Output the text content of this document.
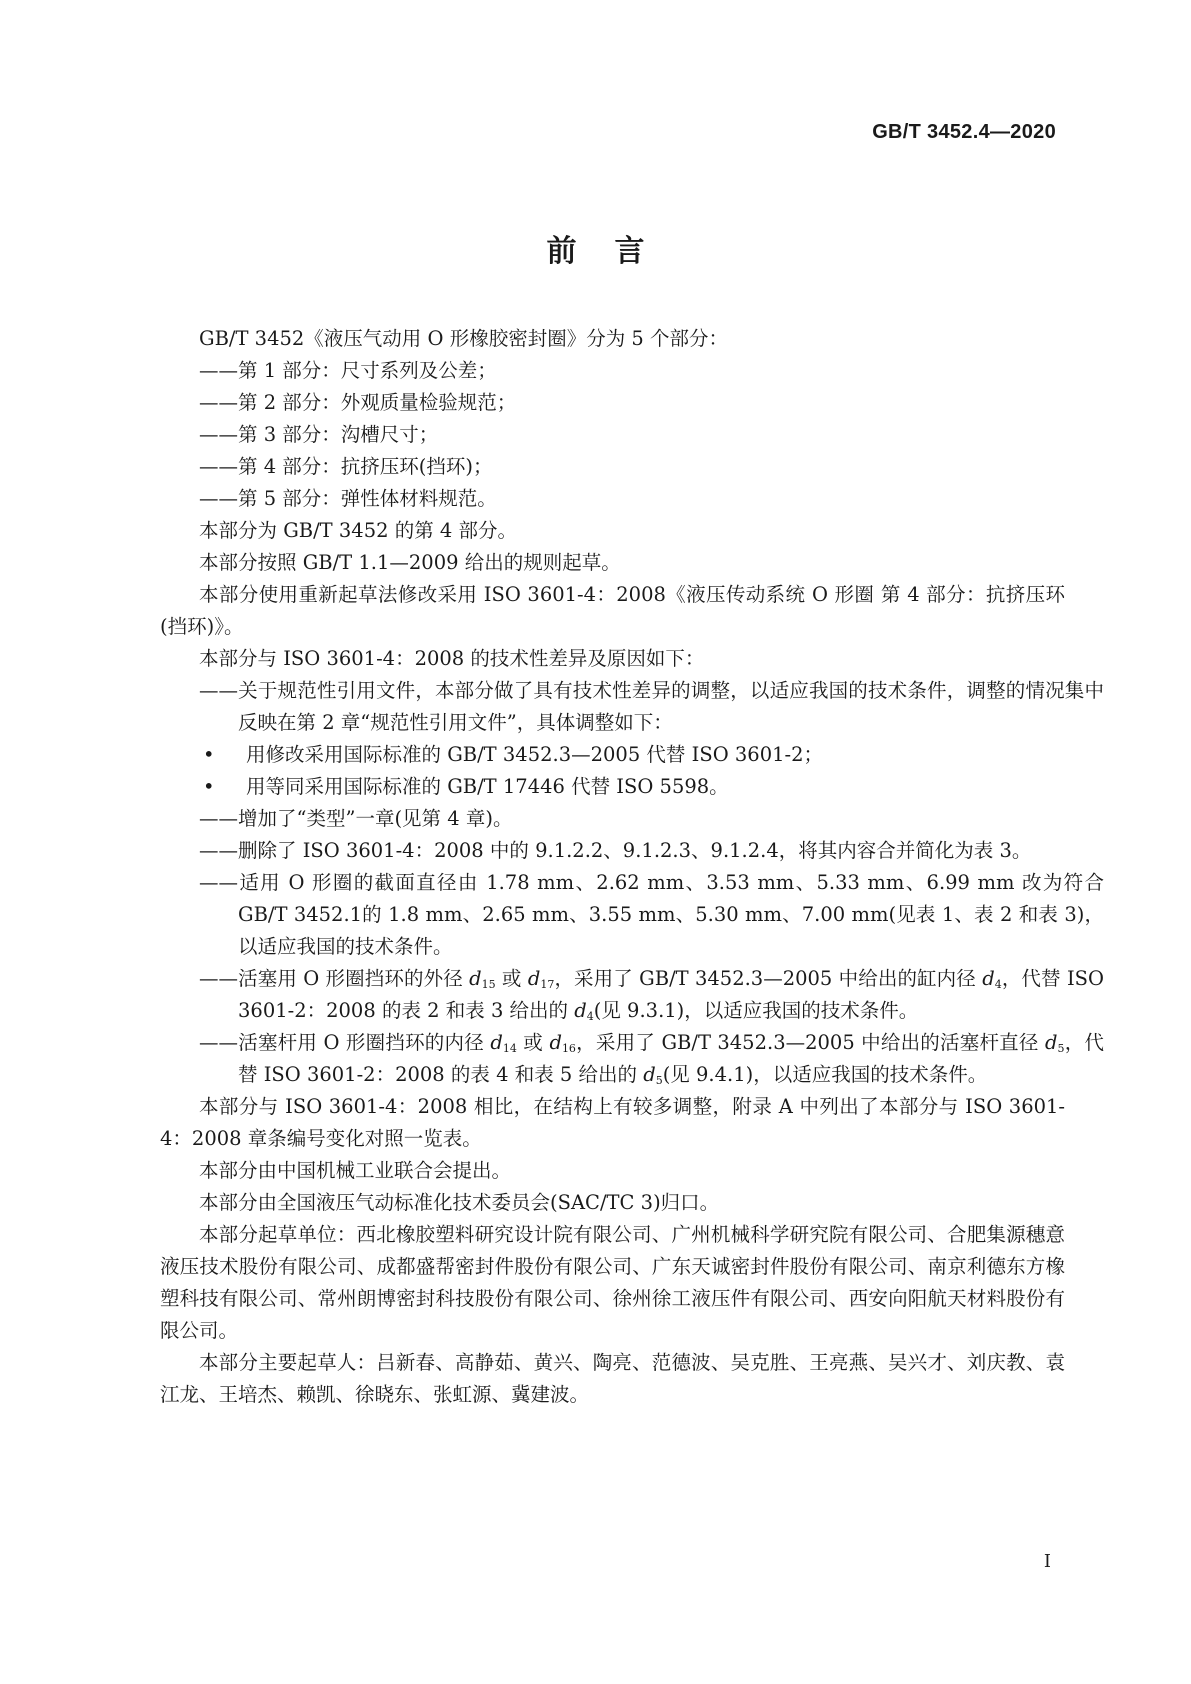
GB/T 3452.4—2020
前言

GB/T 3452《液压气动用 O 形橡胶密封圈》分为 5 个部分：

——第 1 部分：尺寸系列及公差；

——第 2 部分：外观质量检验规范；

——第 3 部分：沟槽尺寸；

——第 4 部分：抗挤压环(挡环)；

——第 5 部分：弹性体材料规范。

本部分为 GB/T 3452 的第 4 部分。

本部分按照 GB/T 1.1—2009 给出的规则起草。

本部分使用重新起草法修改采用 ISO 3601-4：2008《液压传动系统 O 形圈 第 4 部分：抗挤压环(挡环)》。

本部分与 ISO 3601-4：2008 的技术性差异及原因如下：

——关于规范性引用文件，本部分做了具有技术性差异的调整，以适应我国的技术条件，调整的情况集中反映在第 2 章“规范性引用文件”，具体调整如下：

• 用修改采用国际标准的 GB/T 3452.3—2005 代替 ISO 3601-2；

• 用等同采用国际标准的 GB/T 17446 代替 ISO 5598。

——增加了“类型”一章(见第 4 章)。

——删除了 ISO 3601-4：2008 中的 9.1.2.2、9.1.2.3、9.1.2.4，将其内容合并简化为表 3。

——适用 O 形圈的截面直径由 1.78 mm、2.62 mm、3.53 mm、5.33 mm、6.99 mm 改为符合 GB/T 3452.1的 1.8 mm、2.65 mm、3.55 mm、5.30 mm、7.00 mm(见表 1、表 2 和表 3)，以适应我国的技术条件。

——活塞用 O 形圈挡环的外径 $d_{15}$ 或 $d_{17}$，采用了 GB/T 3452.3—2005 中给出的缸内径 $d_4$，代替 ISO 3601-2：2008 的表 2 和表 3 给出的 $d_4$(见 9.3.1)，以适应我国的技术条件。

——活塞杆用 O 形圈挡环的内径 $d_{14}$ 或 $d_{16}$，采用了 GB/T 3452.3—2005 中给出的活塞杆直径 $d_5$，代替 ISO 3601-2：2008 的表 4 和表 5 给出的 $d_5$(见 9.4.1)，以适应我国的技术条件。

本部分与 ISO 3601-4：2008 相比，在结构上有较多调整，附录 A 中列出了本部分与 ISO 3601-4：2008 章条编号变化对照一览表。

本部分由中国机械工业联合会提出。

本部分由全国液压气动标准化技术委员会(SAC/TC 3)归口。

本部分起草单位：西北橡胶塑料研究设计院有限公司、广州机械科学研究院有限公司、合肥集源穗意液压技术股份有限公司、成都盛帮密封件股份有限公司、广东天诚密封件股份有限公司、南京利德东方橡塑科技有限公司、常州朗博密封科技股份有限公司、徐州徐工液压件有限公司、西安向阳航天材料股份有限公司。

本部分主要起草人：吕新春、高静茹、黄兴、陶亮、范德波、吴克胜、王亮燕、吴兴才、刘庆教、袁江龙、王培杰、赖凯、徐晓东、张虹源、冀建波。

I
